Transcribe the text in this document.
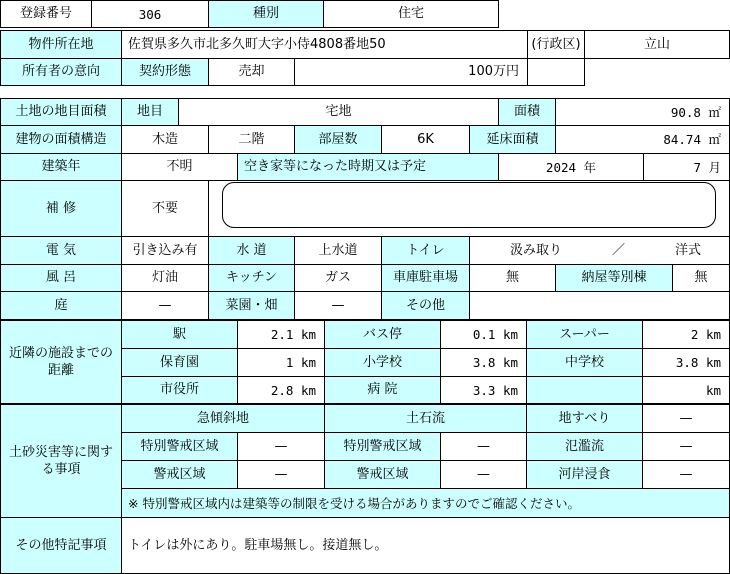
登録番号	306	種別	住宅
物件所在地	佐賀県多久市北多久町大字小侍4808番地50	(行政区)	立山
所有者の意向	契約形態	売却	100万円
土地の地目面積	地目	宅地	面積	90.8 ㎡
建物の面積構造	木造	二階	部屋数	6K	延床面積	84.74 ㎡
建築年	不明	空き家等になった時期又は予定	2024 年	7 月
補 修	不要
電 気	引き込み有	水 道	上水道	トイレ	汲み取り	／	洋式
風 呂	灯油	キッチン	ガス	車庫駐車場	無	納屋等別棟	無
庭	—	菜園・畑	—	その他
近隣の施設までの距離
駅	2.1 km	バス停	0.1 km	スーパー	2 km
保育園	1 km	小学校	3.8 km	中学校	3.8 km
市役所	2.8 km	病 院	3.3 km	km
土砂災害等に関する事項
急傾斜地	土石流	地すべり	—
特別警戒区域	—	特別警戒区域	—	氾濫流	—
警戒区域	—	警戒区域	—	河岸浸食	—
※ 特別警戒区域内は建築等の制限を受ける場合がありますのでご確認ください。
その他特記事項	トイレは外にあり。駐車場無し。接道無し。
